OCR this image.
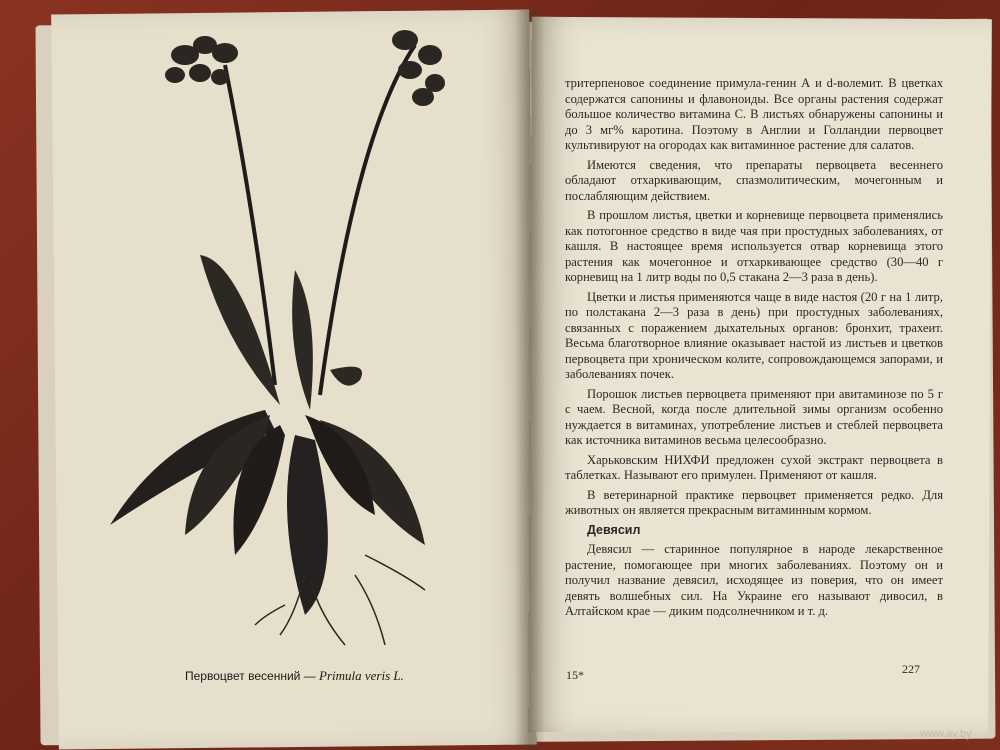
Первоцвет весенний — Primula veris L.

тритерпеновое соединение примула-генин А и d-волемит. В цветках содержатся сапонины и флавоноиды. Все органы растения содержат большое количество витамина С. В листьях обнаружены сапонины и до 3 мг% каротина. Поэтому в Англии и Голландии первоцвет культивируют на огородах как витаминное растение для салатов.

Имеются сведения, что препараты первоцвета весеннего обладают отхаркивающим, спазмолитическим, мочегонным и послабляющим действием.

В прошлом листья, цветки и корневище первоцвета применялись как потогонное средство в виде чая при простудных заболеваниях, от кашля. В настоящее время используется отвар корневища этого растения как мочегонное и отхаркивающее средство (30—40 г корневищ на 1 литр воды по 0,5 стакана 2—3 раза в день).

Цветки и листья применяются чаще в виде настоя (20 г на 1 литр, по полстакана 2—3 раза в день) при простудных заболеваниях, связанных с поражением дыхательных органов: бронхит, трахеит. Весьма благотворное влияние оказывает настой из листьев и цветков первоцвета при хроническом колите, сопровождающемся запорами, и заболеваниях почек.

Порошок листьев первоцвета применяют при авитаминозе по 5 г с чаем. Весной, когда после длительной зимы организм особенно нуждается в витаминах, употребление листьев и стеблей первоцвета как источника витаминов весьма целесообразно.

Харьковским НИХФИ предложен сухой экстракт первоцвета в таблетках. Называют его примулен. Применяют от кашля.

В ветеринарной практике первоцвет применяется редко. Для животных он является прекрасным витаминным кормом.

Девясил

Девясил — старинное популярное в народе лекарственное растение, помогающее при многих заболеваниях. Поэтому он и получил название девясил, исходящее из поверия, что он имеет девять волшебных сил. На Украине его называют дивосил, в Алтайском крае — диким подсолнечником и т. д.

15*	227
www.ay.by
